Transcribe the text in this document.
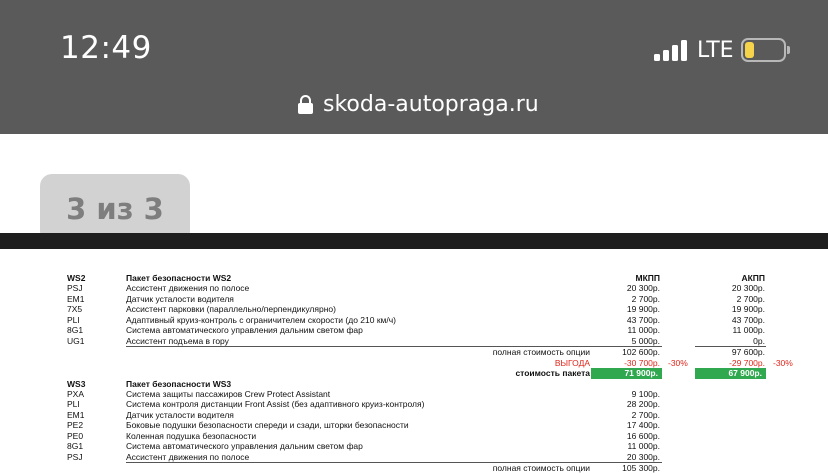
12:49	LTE
skoda-autopraga.ru
3 из 3
WS2	Пакет безопасности WS2	МКПП	АКПП
PSJ	Ассистент движения по полосе	20 300р.	20 300р.
EM1	Датчик усталости водителя	2 700р.	2 700р.
7X5	Ассистент парковки (параллельно/перпендикулярно)	19 900р.	19 900р.
PLI	Адаптивный круиз-контроль с ограничителем скорости (до 210 км/ч)	43 700р.	43 700р.
8G1	Система автоматического управления дальним светом фар	11 000р.	11 000р.
UG1	Ассистент подъема в гору	5 000р.	0р.
полная стоимость опции	102 600р.	97 600р.
ВЫГОДА	-30 700р. -30%	-29 700р. -30%
стоимость пакета	71 900р.	67 900р.
WS3	Пакет безопасности WS3
PXA	Система защиты пассажиров Crew Protect Assistant	9 100р.
PLI	Система контроля дистанции Front Assist (без адаптивного круиз-контроля)	28 200р.
EM1	Датчик усталости водителя	2 700р.
PE2	Боковые подушки безопасности спереди и сзади, шторки безопасности	17 400р.
PE0	Коленная подушка безопасности	16 600р.
8G1	Система автоматического управления дальним светом фар	11 000р.
PSJ	Ассистент движения по полосе	20 300р.
полная стоимость опции	105 300р.
